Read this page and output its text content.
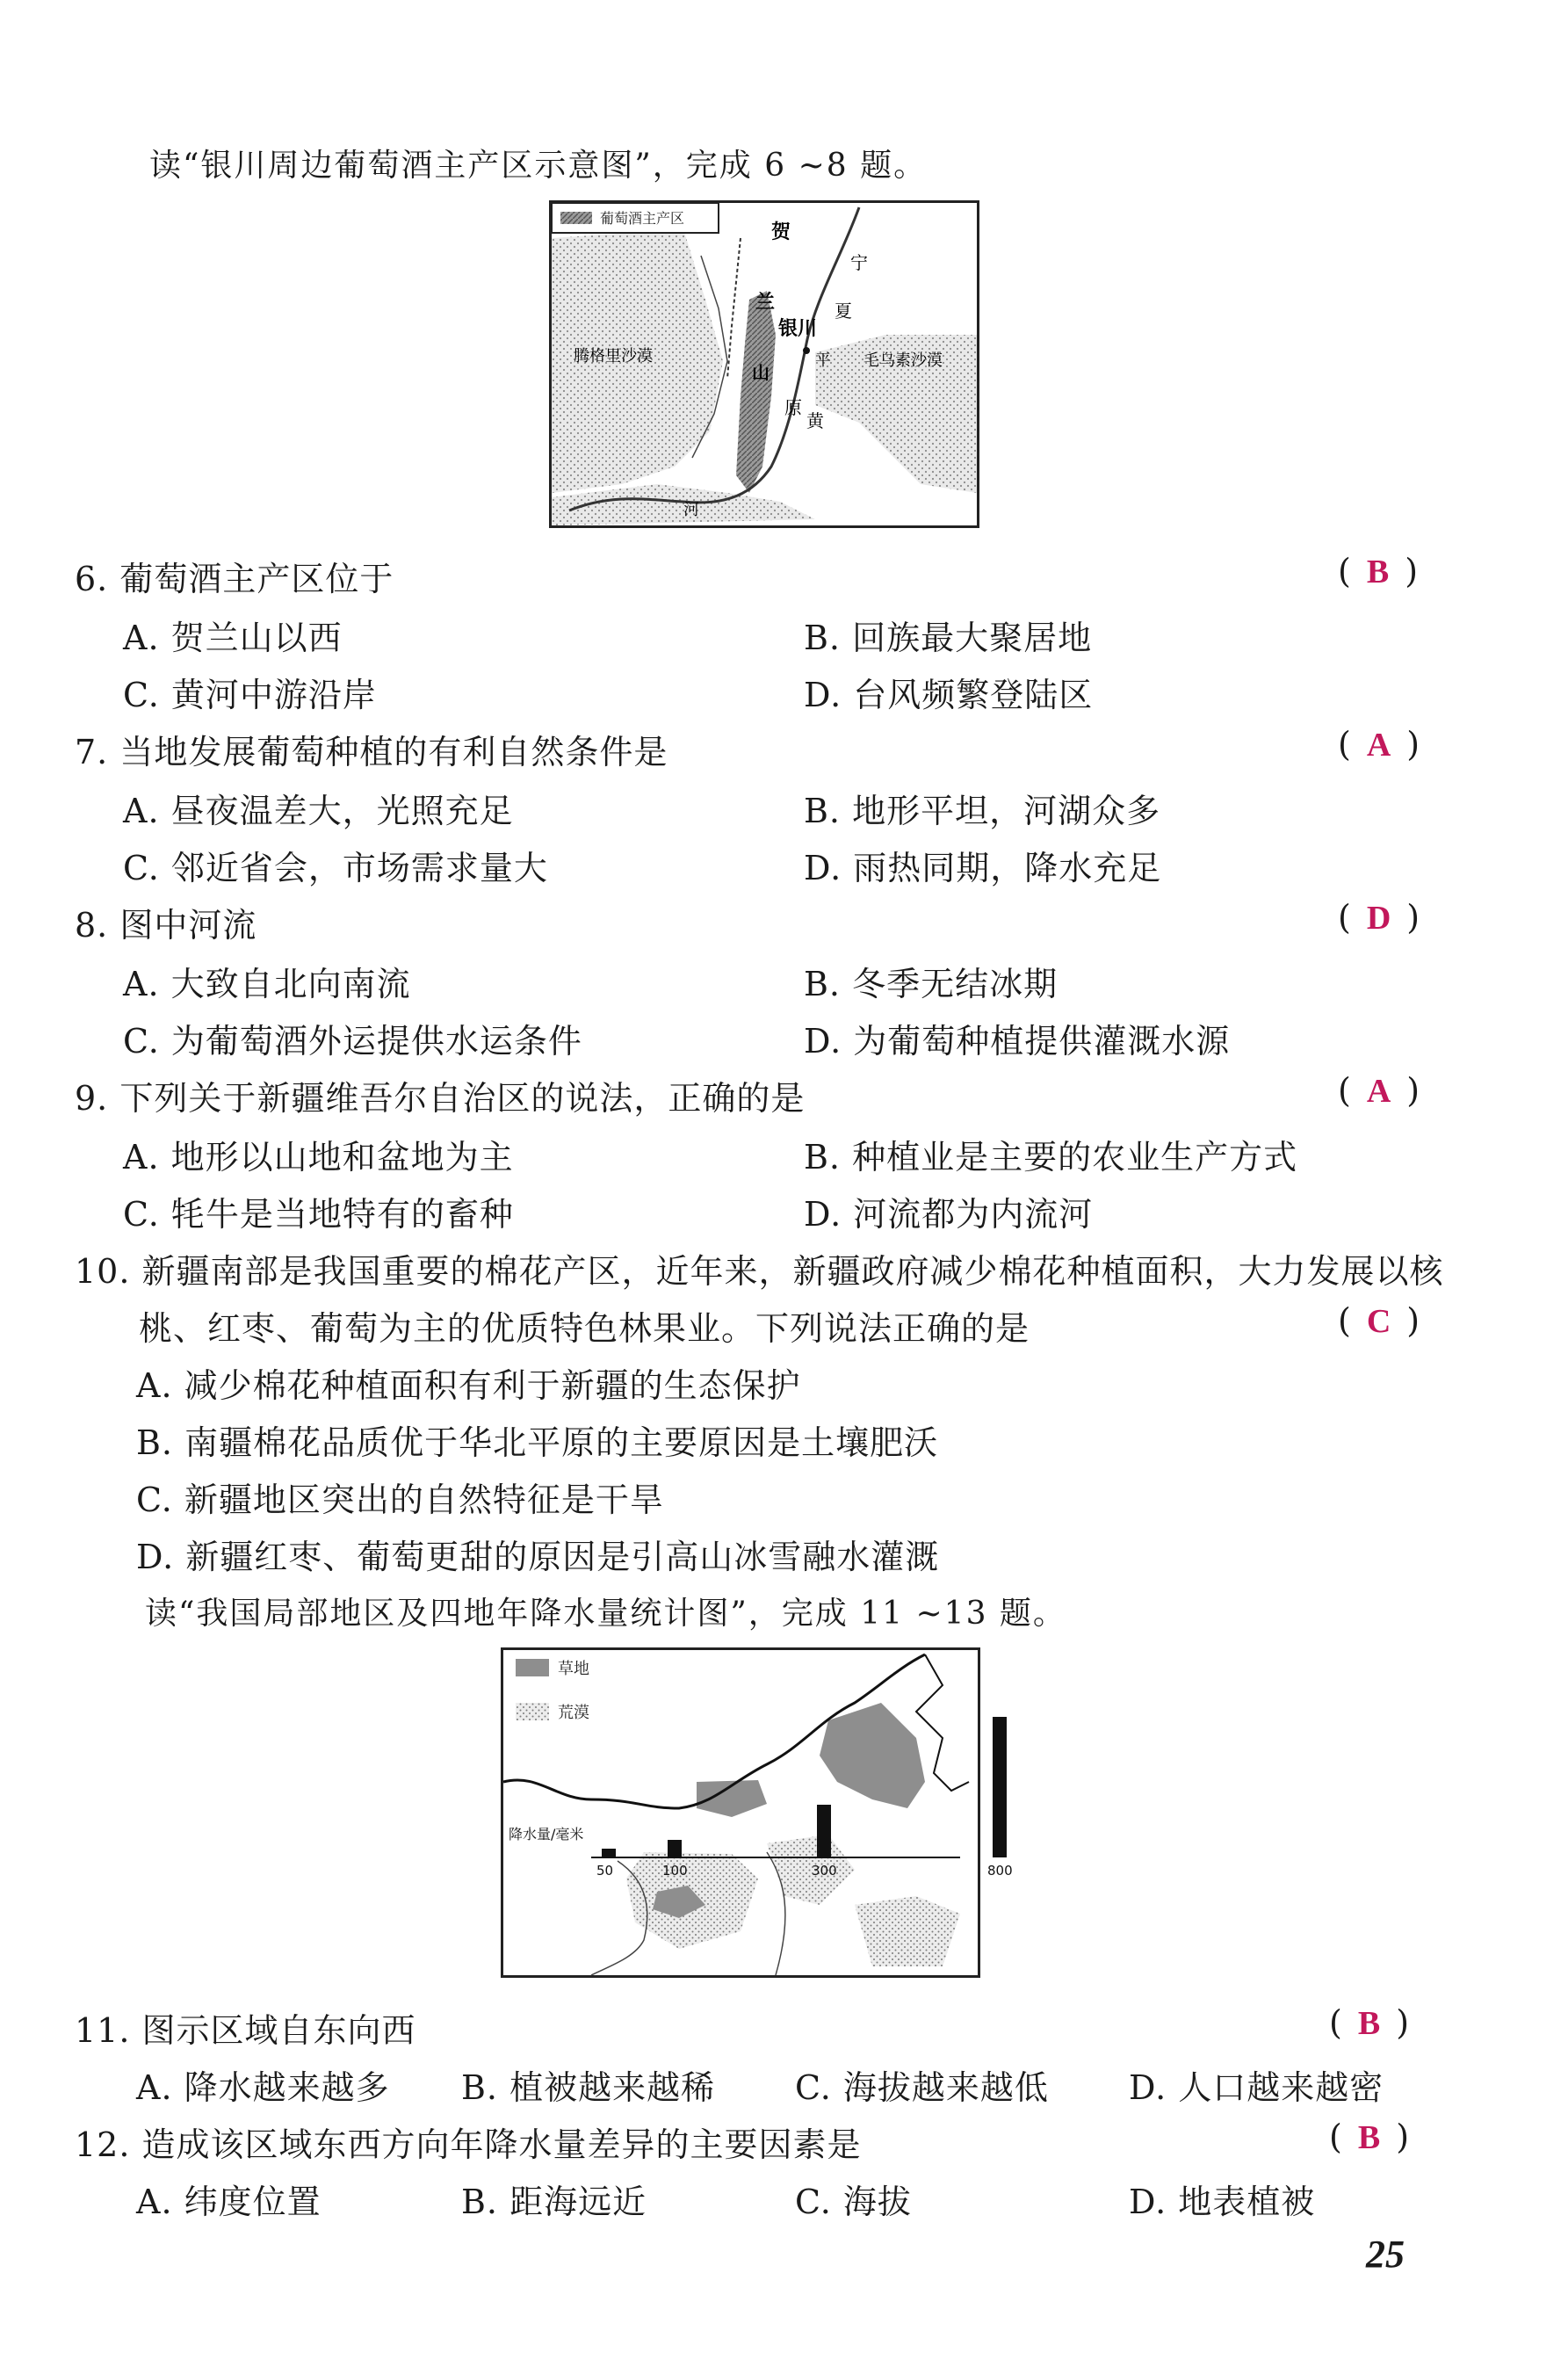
读“银川周边葡萄酒主产区示意图”，完成 6 ~8 题。
葡萄酒主产区
贺
宁
兰
银川
夏
腾格里沙漠	毛乌素沙漠
山
平
原
黄
河
6. 葡萄酒主产区位于	( B )
A. 贺兰山以西	B. 回族最大聚居地
C. 黄河中游沿岸	D. 台风频繁登陆区
7. 当地发展葡萄种植的有利自然条件是	( A )
A. 昼夜温差大，光照充足	B. 地形平坦，河湖众多
C. 邻近省会，市场需求量大	D. 雨热同期，降水充足
8. 图中河流	( D )
A. 大致自北向南流	B. 冬季无结冰期
C. 为葡萄酒外运提供水运条件	D. 为葡萄种植提供灌溉水源
9. 下列关于新疆维吾尔自治区的说法，正确的是	( A )
A. 地形以山地和盆地为主	B. 种植业是主要的农业生产方式
C. 牦牛是当地特有的畜种	D. 河流都为内流河
10. 新疆南部是我国重要的棉花产区，近年来，新疆政府减少棉花种植面积，大力发展以核
桃、红枣、葡萄为主的优质特色林果业。下列说法正确的是	( C )
A. 减少棉花种植面积有利于新疆的生态保护
B. 南疆棉花品质优于华北平原的主要原因是土壤肥沃
C. 新疆地区突出的自然特征是干旱
D. 新疆红枣、葡萄更甜的原因是引高山冰雪融水灌溉
读“我国局部地区及四地年降水量统计图”，完成 11 ~13 题。
草地
荒漠
降水量/毫米
50	100	300	800
11. 图示区域自东向西	( B )
A. 降水越来越多 B. 植被越来越稀 C. 海拔越来越低 D. 人口越来越密
12. 造成该区域东西方向年降水量差异的主要因素是	( B )
A. 纬度位置	B. 距海远近	C. 海拔	D. 地表植被
25
